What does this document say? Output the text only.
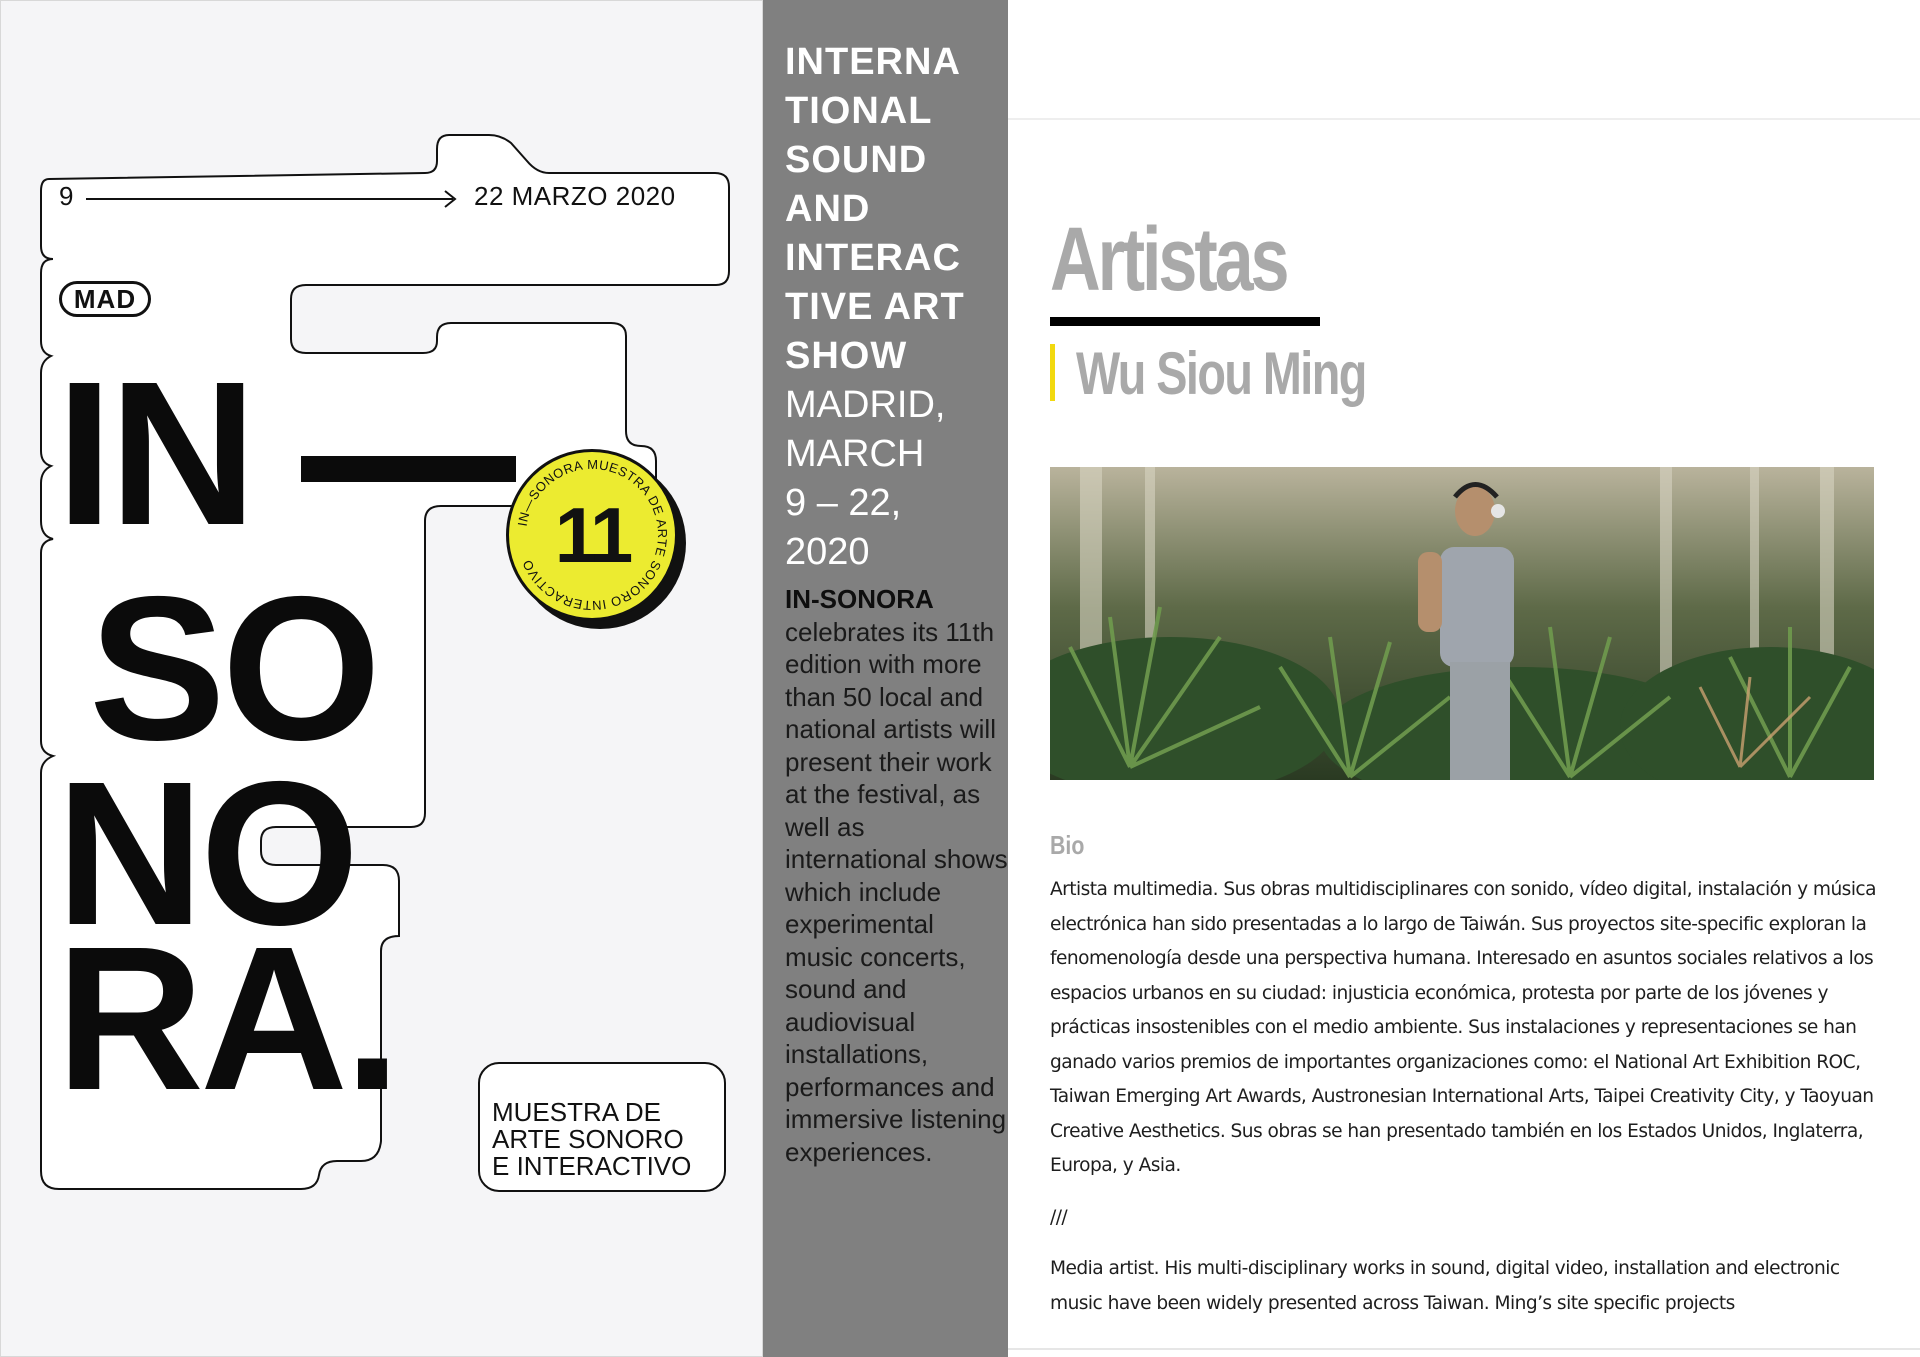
9	22 MARZO 2020
MAD
IN
SO
NO
RA.
IN—SONORA MUESTRA DE ARTE SONORO INTERACTIVO 11
MUESTRA DE
ARTE SONORO
E INTERACTIVO
INTERNA
TIONAL
SOUND
AND
INTERAC
TIVE ART
SHOW
MADRID,
MARCH
9 – 22,
2020
IN-SONORA celebrates its 11th edition with more than 50 local and national artists will present their work at the festival, as well as international shows which include experimental music concerts, sound and audiovisual installations, performances and immersive listening experiences.
Artistas
Wu Siou Ming
Bio

Artista multimedia. Sus obras multidisciplinares con sonido, vídeo digital, instalación y música electrónica han sido presentadas a lo largo de Taiwán. Sus proyectos site-specific exploran la fenomenología desde una perspectiva humana. Interesado en asuntos sociales relativos a los espacios urbanos en su ciudad: injusticia económica, protesta por parte de los jóvenes y prácticas insostenibles con el medio ambiente. Sus instalaciones y representaciones se han ganado varios premios de importantes organizaciones como: el National Art Exhibition ROC, Taiwan Emerging Art Awards, Austronesian International Arts, Taipei Creativity City, y Taoyuan Creative Aesthetics. Sus obras se han presentado también en los Estados Unidos, Inglaterra, Europa, y Asia.

///

Media artist. His multi-disciplinary works in sound, digital video, installation and electronic music have been widely presented across Taiwan. Ming’s site specific projects
